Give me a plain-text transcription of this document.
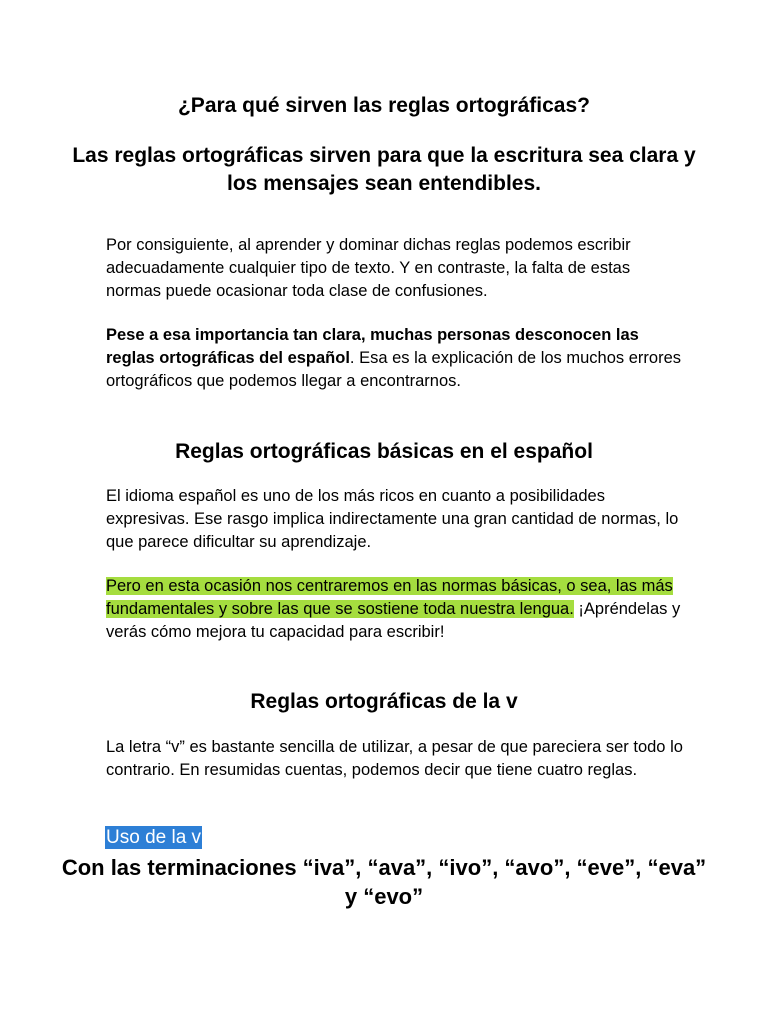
¿Para qué sirven las reglas ortográficas?
Las reglas ortográficas sirven para que la escritura sea clara y los mensajes sean entendibles.

Por consiguiente, al aprender y dominar dichas reglas podemos escribir adecuadamente cualquier tipo de texto. Y en contraste, la falta de estas normas puede ocasionar toda clase de confusiones.

Pese a esa importancia tan clara, muchas personas desconocen las reglas ortográficas del español. Esa es la explicación de los muchos errores ortográficos que podemos llegar a encontrarnos.

Reglas ortográficas básicas en el español

El idioma español es uno de los más ricos en cuanto a posibilidades expresivas. Ese rasgo implica indirectamente una gran cantidad de normas, lo que parece dificultar su aprendizaje.

Pero en esta ocasión nos centraremos en las normas básicas, o sea, las más fundamentales y sobre las que se sostiene toda nuestra lengua. ¡Apréndelas y verás cómo mejora tu capacidad para escribir!

Reglas ortográficas de la v

La letra “v” es bastante sencilla de utilizar, a pesar de que pareciera ser todo lo contrario. En resumidas cuentas, podemos decir que tiene cuatro reglas.

Uso de la v
Con las terminaciones “iva”, “ava”, “ivo”, “avo”, “eve”, “eva” y “evo”
